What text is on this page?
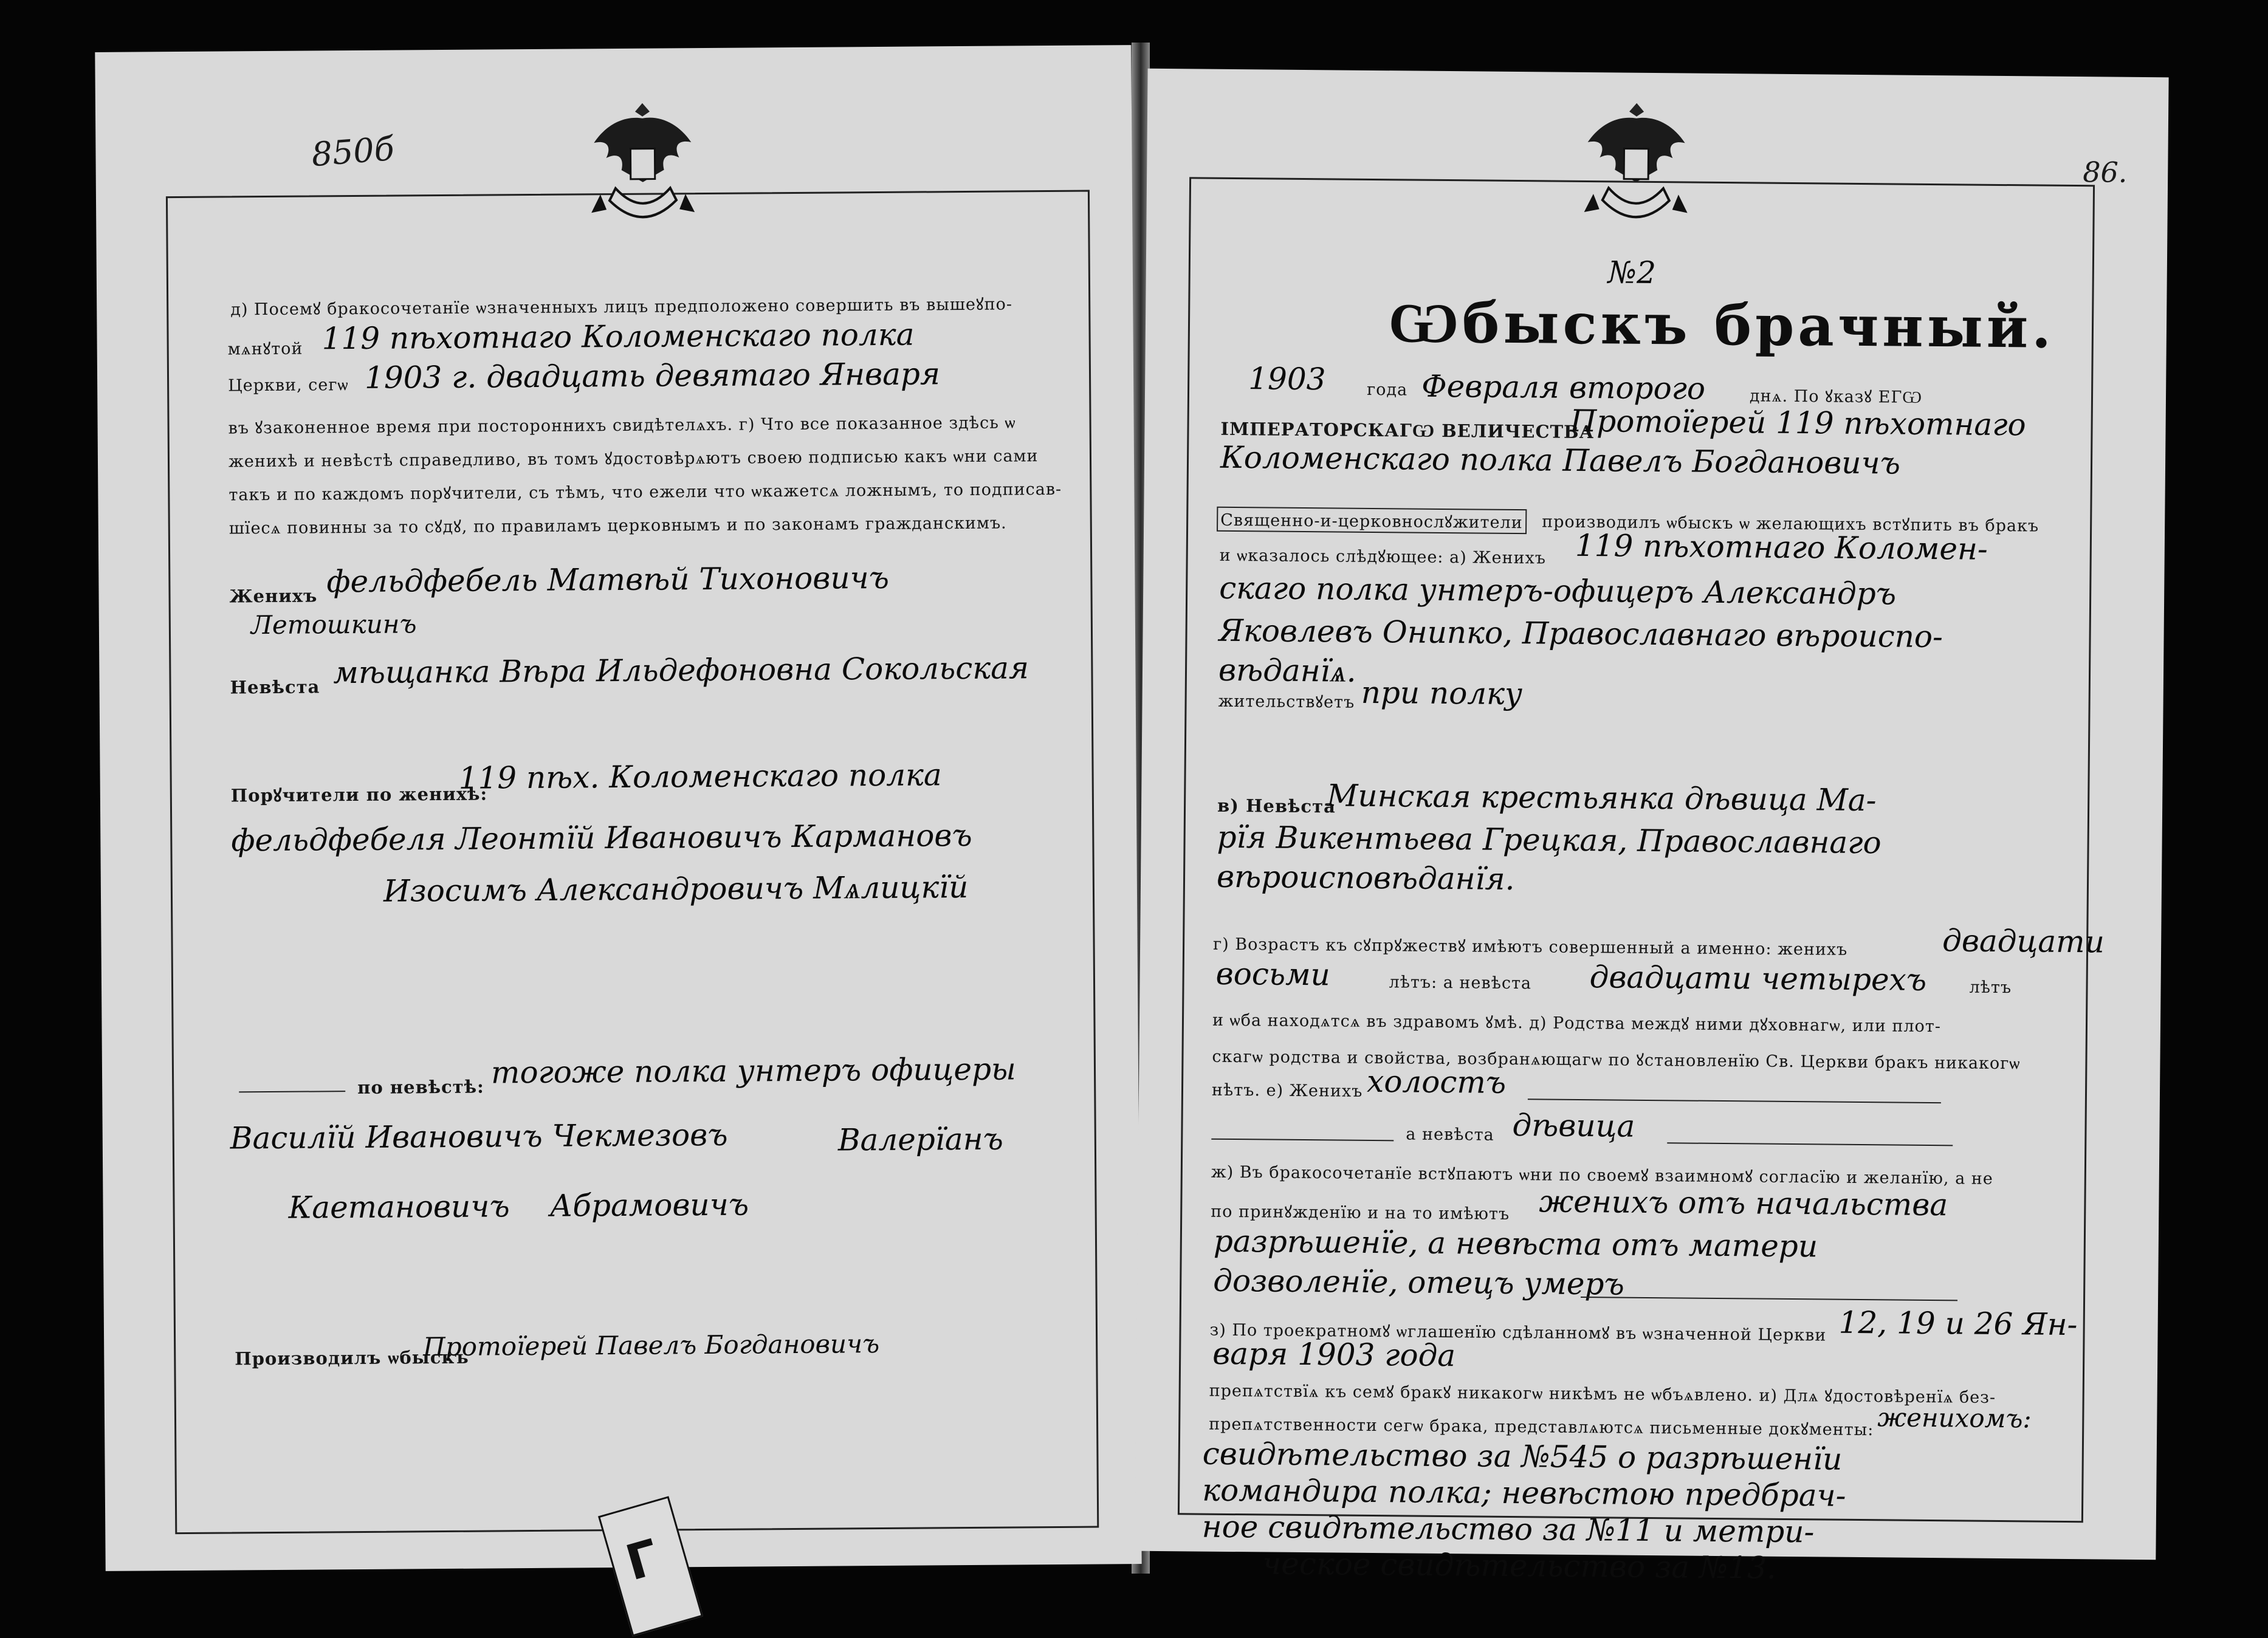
850б
д) Посемꙋ бракосочетанїе ѡзначенныхъ лицъ предположено совершить въ вышеꙋпо-
мѧнꙋтой 119 пѣхотнаго Коломенскаго полка
Церкви, сегѡ 1903 г. двадцать девятаго Января
въ ꙋзаконенное время при постороннихъ свидѣтелѧхъ. г) Что все показанное здѣсь ѡ
женихѣ и невѣстѣ справедливо, въ томъ ꙋдостовѣрѧютъ своею подписью какъ ѡни сами
такъ и по каждомъ порꙋчители, съ тѣмъ, что ежели что ѡкажетсѧ ложнымъ, то подписав-
шїесѧ повинны за то сꙋдꙋ, по правиламъ церковнымъ и по законамъ гражданскимъ.
Женихъ фельдфебель Матвѣй Тихоновичъ
Летошкинъ
Невѣста мѣщанка Вѣра Ильдефоновна Сокольская
Порꙋчители по женихѣ:
119 пѣх. Коломенскаго полка
фельдфебеля Леонтїй Ивановичъ Кармановъ
Изосимъ Александровичъ Мѧлицкїй
по невѣстѣ: тогоже полка унтеръ офицеры
Василїй Ивановичъ Чекмезовъ	Валерїанъ
Каетановичъ Абрамовичъ
Производилъ ѡбыскъ
Протоїерей Павелъ Богдановичъ
Г
86.
№2
Ѡбыскъ брачный.
1903 года Февраля второго	днѧ. По ꙋказꙋ ЕГѠ
ІМПЕРАТОРСКАГѠ ВЕЛИЧЕСТВА
Протоїерей 119 пѣхотнаго
Коломенскаго полка Павелъ Богдановичъ
Священно-и-церковнослꙋжители производилъ ѡбыскъ ѡ желающихъ встꙋпить въ бракъ
и ѡказалось слѣдꙋющее: а) Женихъ 119 пѣхотнаго Коломен-
скаго полка унтеръ-офицеръ Александръ
Яковлевъ Онипко, Православнаго вѣроиспо-
вѣданїѧ.
жительствꙋетъ при полку
в) Невѣста
Минская крестьянка дѣвица Ма-
рїя Викентьева Грецкая, Православнаго
вѣроисповѣданїя.
г) Возрастъ къ сꙋпрꙋжествꙋ имѣютъ совершенный а именно: женихъ	двадцати
восьми	лѣтъ: а невѣста двадцати четырехъ	лѣтъ
и ѡба находѧтсѧ въ здравомъ ꙋмѣ. д) Родства междꙋ ними дꙋховнагѡ, или плот-
скагѡ родства и свойства, возбранѧющагѡ по ꙋстановленїю Св. Церкви бракъ никакогѡ
нѣтъ. е) Женихъ холостъ
а невѣста дѣвица
ж) Въ бракосочетанїе встꙋпаютъ ѡни по своемꙋ взаимномꙋ согласїю и желанїю, а не
по принꙋжденїю и на то имѣютъ женихъ отъ начальства
разрѣшенїе, а невѣста отъ матери
дозволенїе, отецъ умеръ
з) По троекратномꙋ ѡглашенїю сдѣланномꙋ въ ѡзначенной Церкви 12, 19 и 26 Ян-
варя 1903 года
препѧтствїѧ къ семꙋ бракꙋ никакогѡ никѣмъ не ѡбъѧвлено. и) Длѧ ꙋдостовѣренїѧ без-
препѧтственности сегѡ брака, представлѧютсѧ письменные докꙋменты: женихомъ:
свидѣтельство за №545 о разрѣшенїи
командира полка; невѣстою предбрач-
ное свидѣтельство за №11 и метри-
ческое свидѣтельство за №13.
